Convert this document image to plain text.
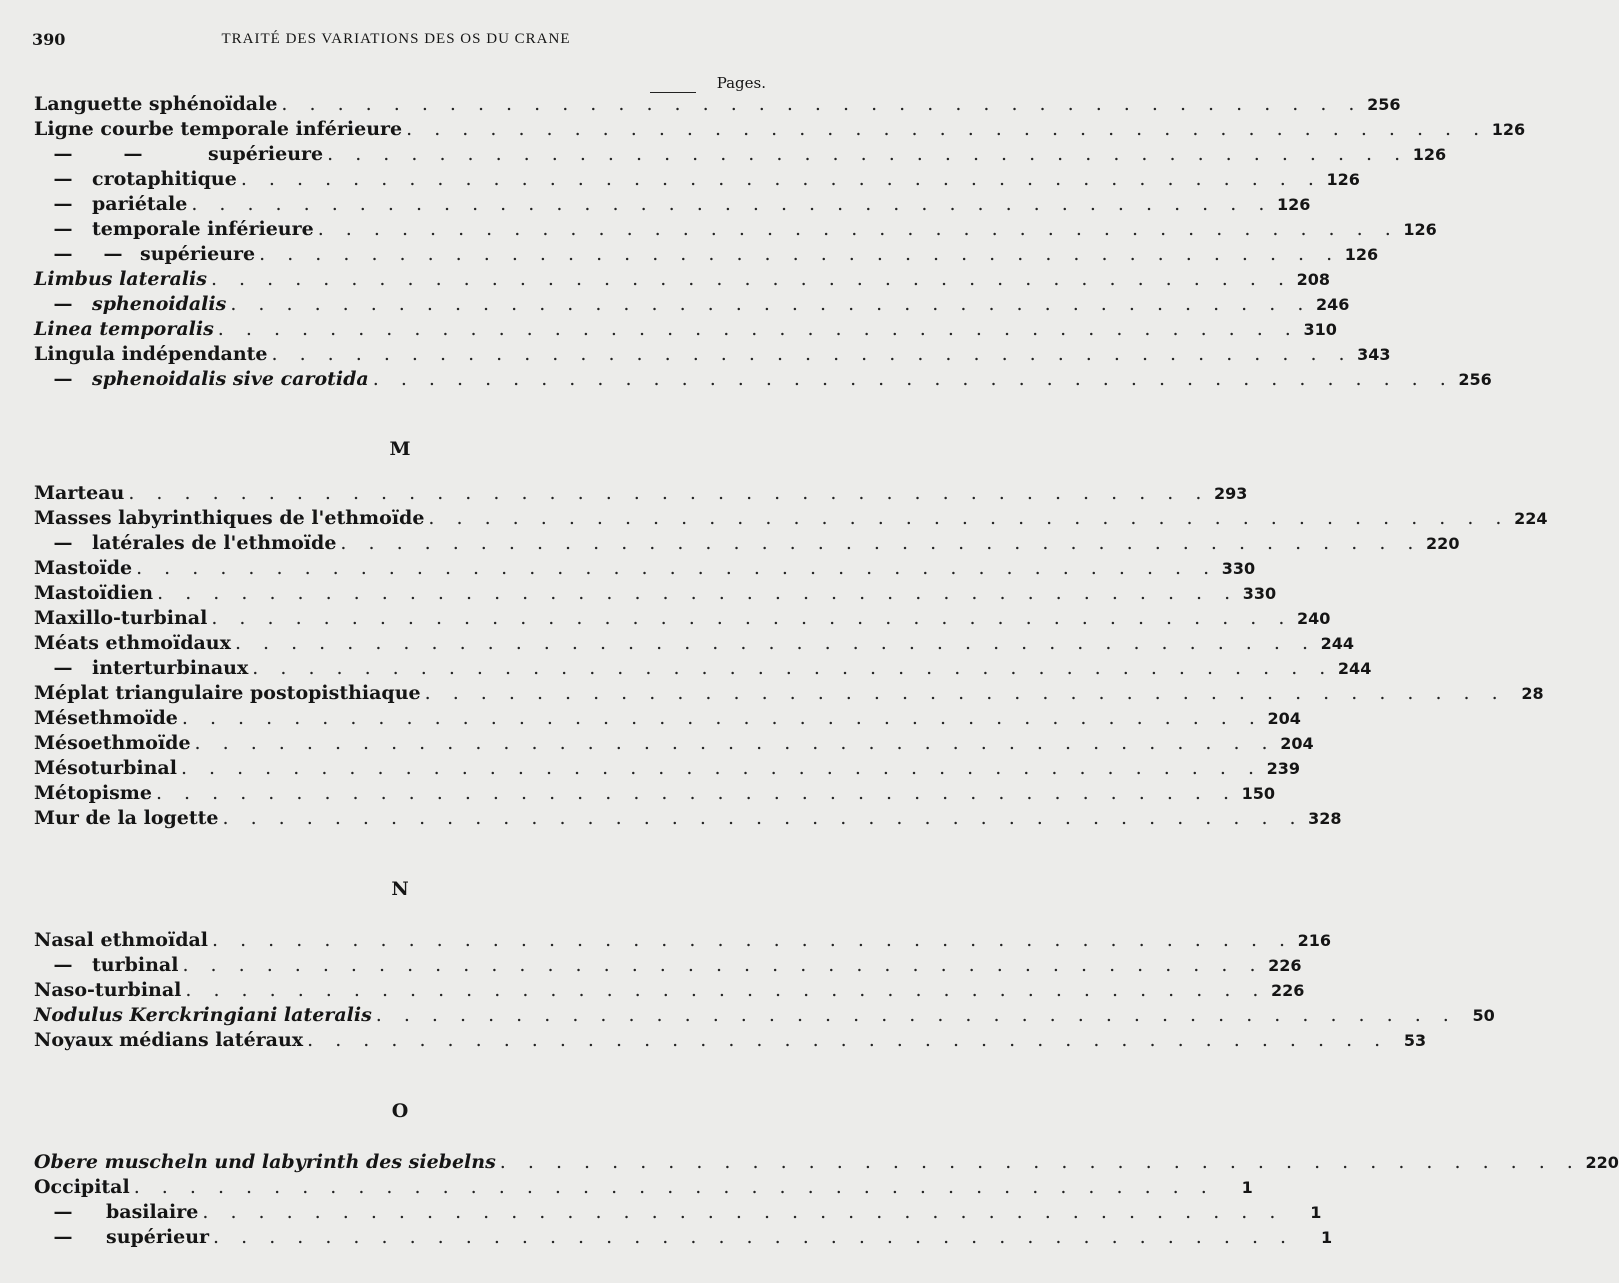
390	TRAITÉ DES VARIATIONS DES OS DU CRANE
Pages.
Languette sphénoïdale . . . . . . . . . . . . . . . . . . . . . . . . . . . . . . . . . . . . . . . 256
Ligne courbe temporale inférieure . . . . . . . . . . . . . . . . . . . . . . . . . . . . . . . . . . . . . . . 126
—	—	supérieure . . . . . . . . . . . . . . . . . . . . . . . . . . . . . . . . . . . . . . . 126
— crotaphitique . . . . . . . . . . . . . . . . . . . . . . . . . . . . . . . . . . . . . . . 126
— pariétale . . . . . . . . . . . . . . . . . . . . . . . . . . . . . . . . . . . . . . . 126
— temporale inférieure . . . . . . . . . . . . . . . . . . . . . . . . . . . . . . . . . . . . . . . 126
— — supérieure . . . . . . . . . . . . . . . . . . . . . . . . . . . . . . . . . . . . . . . 126
Limbus lateralis . . . . . . . . . . . . . . . . . . . . . . . . . . . . . . . . . . . . . . . 208
— sphenoidalis . . . . . . . . . . . . . . . . . . . . . . . . . . . . . . . . . . . . . . . 246
Linea temporalis . . . . . . . . . . . . . . . . . . . . . . . . . . . . . . . . . . . . . . . 310
Lingula indépendante . . . . . . . . . . . . . . . . . . . . . . . . . . . . . . . . . . . . . . . 343
— sphenoidalis sive carotida . . . . . . . . . . . . . . . . . . . . . . . . . . . . . . . . . . . . . . . 256
M
Marteau . . . . . . . . . . . . . . . . . . . . . . . . . . . . . . . . . . . . . . . 293
Masses labyrinthiques de l'ethmoïde . . . . . . . . . . . . . . . . . . . . . . . . . . . . . . . . . . . . . . . 224
— latérales de l'ethmoïde . . . . . . . . . . . . . . . . . . . . . . . . . . . . . . . . . . . . . . . 220
Mastoïde . . . . . . . . . . . . . . . . . . . . . . . . . . . . . . . . . . . . . . . 330
Mastoïdien . . . . . . . . . . . . . . . . . . . . . . . . . . . . . . . . . . . . . . . 330
Maxillo-turbinal . . . . . . . . . . . . . . . . . . . . . . . . . . . . . . . . . . . . . . . 240
Méats ethmoïdaux . . . . . . . . . . . . . . . . . . . . . . . . . . . . . . . . . . . . . . . 244
— interturbinaux . . . . . . . . . . . . . . . . . . . . . . . . . . . . . . . . . . . . . . . 244
Méplat triangulaire postopisthiaque . . . . . . . . . . . . . . . . . . . . . . . . . . . . . . . . . . . . . . . 28
Mésethmoïde . . . . . . . . . . . . . . . . . . . . . . . . . . . . . . . . . . . . . . . 204
Mésoethmoïde . . . . . . . . . . . . . . . . . . . . . . . . . . . . . . . . . . . . . . . 204
Mésoturbinal . . . . . . . . . . . . . . . . . . . . . . . . . . . . . . . . . . . . . . . 239
Métopisme . . . . . . . . . . . . . . . . . . . . . . . . . . . . . . . . . . . . . . . 150
Mur de la logette . . . . . . . . . . . . . . . . . . . . . . . . . . . . . . . . . . . . . . . 328
N
Nasal ethmoïdal . . . . . . . . . . . . . . . . . . . . . . . . . . . . . . . . . . . . . . . 216
— turbinal . . . . . . . . . . . . . . . . . . . . . . . . . . . . . . . . . . . . . . . 226
Naso-turbinal . . . . . . . . . . . . . . . . . . . . . . . . . . . . . . . . . . . . . . . 226
Nodulus Kerckringiani lateralis . . . . . . . . . . . . . . . . . . . . . . . . . . . . . . . . . . . . . . . 50
Noyaux médians latéraux . . . . . . . . . . . . . . . . . . . . . . . . . . . . . . . . . . . . . . . 53
O
Obere muscheln und labyrinth des siebelns . . . . . . . . . . . . . . . . . . . . . . . . . . . . . . . . . . . . . . . 220
Occipital . . . . . . . . . . . . . . . . . . . . . . . . . . . . . . . . . . . . . . .	1
— basilaire . . . . . . . . . . . . . . . . . . . . . . . . . . . . . . . . . . . . . . .	1
— supérieur . . . . . . . . . . . . . . . . . . . . . . . . . . . . . . . . . . . . . . .	1
